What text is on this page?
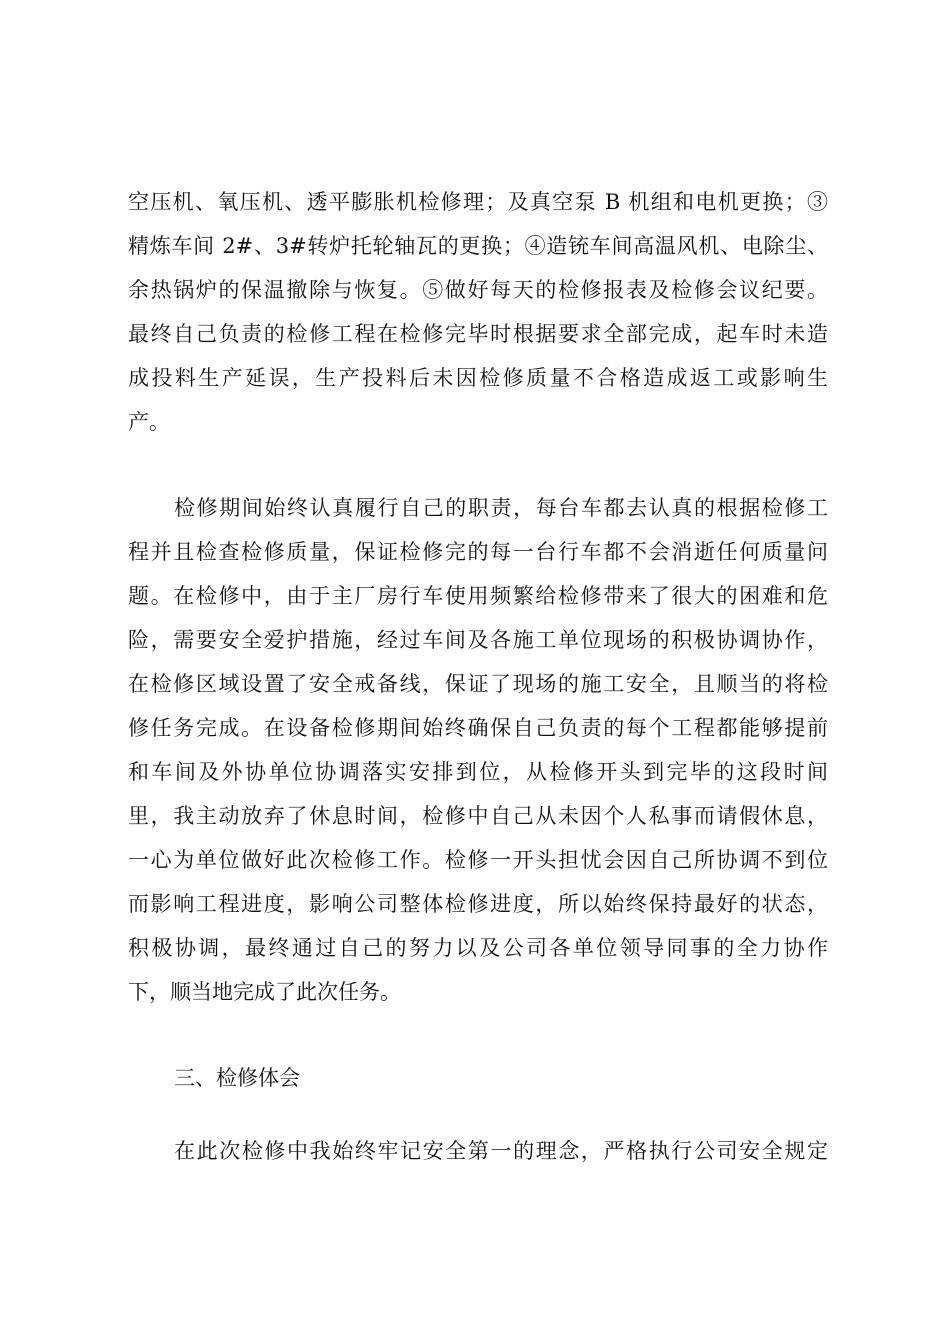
空压机、氧压机、透平膨胀机检修理；及真空泵 B 机组和电机更换；③
精炼车间 2#、3#转炉托轮轴瓦的更换；④造铳车间高温风机、电除尘、
余热锅炉的保温撤除与恢复。⑤做好每天的检修报表及检修会议纪要。
最终自己负责的检修工程在检修完毕时根据要求全部完成，起车时未造
成投料生产延误，生产投料后未因检修质量不合格造成返工或影响生
产。
检修期间始终认真履行自己的职责，每台车都去认真的根据检修工
程并且检查检修质量，保证检修完的每一台行车都不会消逝任何质量问
题。在检修中，由于主厂房行车使用频繁给检修带来了很大的困难和危
险，需要安全爱护措施，经过车间及各施工单位现场的积极协调协作，
在检修区域设置了安全戒备线，保证了现场的施工安全，且顺当的将检
修任务完成。在设备检修期间始终确保自己负责的每个工程都能够提前
和车间及外协单位协调落实安排到位，从检修开头到完毕的这段时间
里，我主动放弃了休息时间，检修中自己从未因个人私事而请假休息，
一心为单位做好此次检修工作。检修一开头担忧会因自己所协调不到位
而影响工程进度，影响公司整体检修进度，所以始终保持最好的状态，
积极协调，最终通过自己的努力以及公司各单位领导同事的全力协作
下，顺当地完成了此次任务。
三、检修体会
在此次检修中我始终牢记安全第一的理念，严格执行公司安全规定
